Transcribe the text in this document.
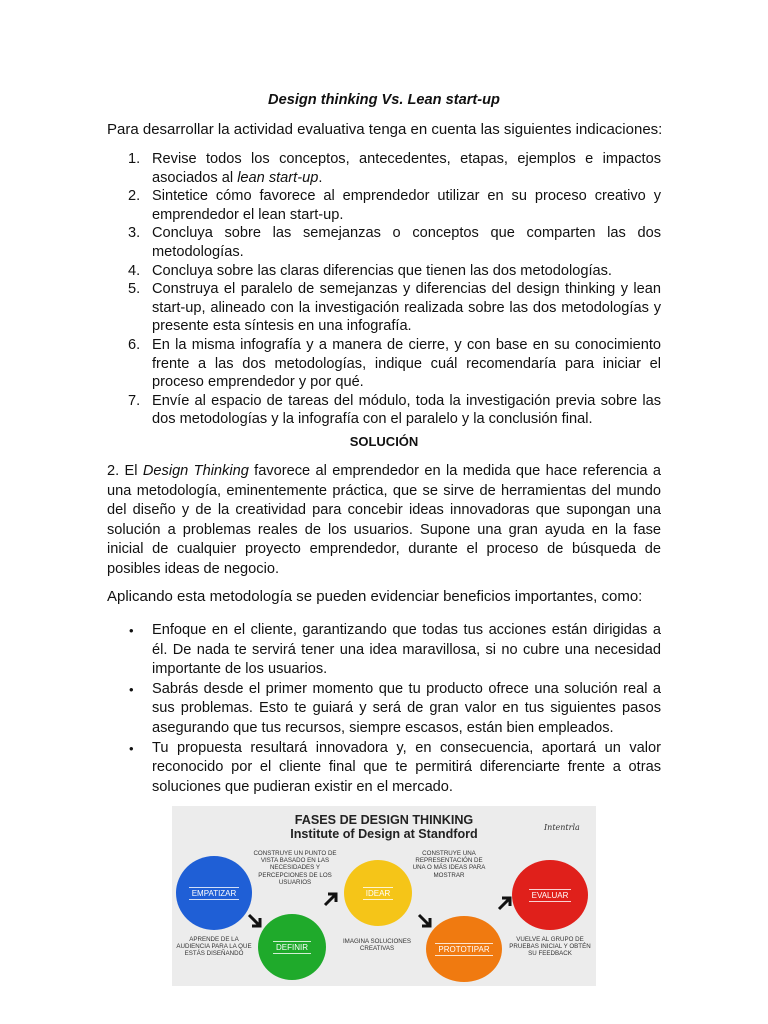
Design thinking Vs. Lean start-up
Para desarrollar la actividad evaluativa tenga en cuenta las siguientes indicaciones:
1. Revise todos los conceptos, antecedentes, etapas, ejemplos e impactos asociados al lean start-up.
2. Sintetice cómo favorece al emprendedor utilizar en su proceso creativo y emprendedor el lean start-up.
3. Concluya sobre las semejanzas o conceptos que comparten las dos metodologías.
4. Concluya sobre las claras diferencias que tienen las dos metodologías.
5. Construya el paralelo de semejanzas y diferencias del design thinking y lean start-up, alineado con la investigación realizada sobre las dos metodologías y presente esta síntesis en una infografía.
6. En la misma infografía y a manera de cierre, y con base en su conocimiento frente a las dos metodologías, indique cuál recomendaría para iniciar el proceso emprendedor y por qué.
7. Envíe al espacio de tareas del módulo, toda la investigación previa sobre las dos metodologías y la infografía con el paralelo y la conclusión final.
SOLUCIÓN
2. El Design Thinking favorece al emprendedor en la medida que hace referencia a una metodología, eminentemente práctica, que se sirve de herramientas del mundo del diseño y de la creatividad para concebir ideas innovadoras que supongan una solución a problemas reales de los usuarios. Supone una gran ayuda en la fase inicial de cualquier proyecto emprendedor, durante el proceso de búsqueda de posibles ideas de negocio.
Aplicando esta metodología se pueden evidenciar beneficios importantes, como:
• Enfoque en el cliente, garantizando que todas tus acciones están dirigidas a él. De nada te servirá tener una idea maravillosa, si no cubre una necesidad importante de los usuarios.
• Sabrás desde el primer momento que tu producto ofrece una solución real a sus problemas. Esto te guiará y será de gran valor en tus siguientes pasos asegurando que tus recursos, siempre escasos, están bien empleados.
• Tu propuesta resultará innovadora y, en consecuencia, aportará un valor reconocido por el cliente final que te permitirá diferenciarte frente a otras soluciones que pudieran existir en el mercado.
FASES DE DESIGN THINKING
Institute of Design at Standford	Intentrla
CONSTRUYE UN PUNTO DE VISTA BASADO EN LAS NECESIDADES Y PERCEPCIONES DE LOS USUARIOS
CONSTRUYE UNA REPRESENTACIÓN DE UNA O MÁS IDEAS PARA MOSTRAR
EMPATIZAR
DEFINIR
IDEAR
PROTOTIPAR
EVALUAR
APRENDE DE LA AUDIENCIA PARA LA QUE ESTÁS DISEÑANDO
IMAGINA SOLUCIONES CREATIVAS
VUELVE AL GRUPO DE PRUEBAS INICIAL Y OBTÉN SU FEEDBACK
